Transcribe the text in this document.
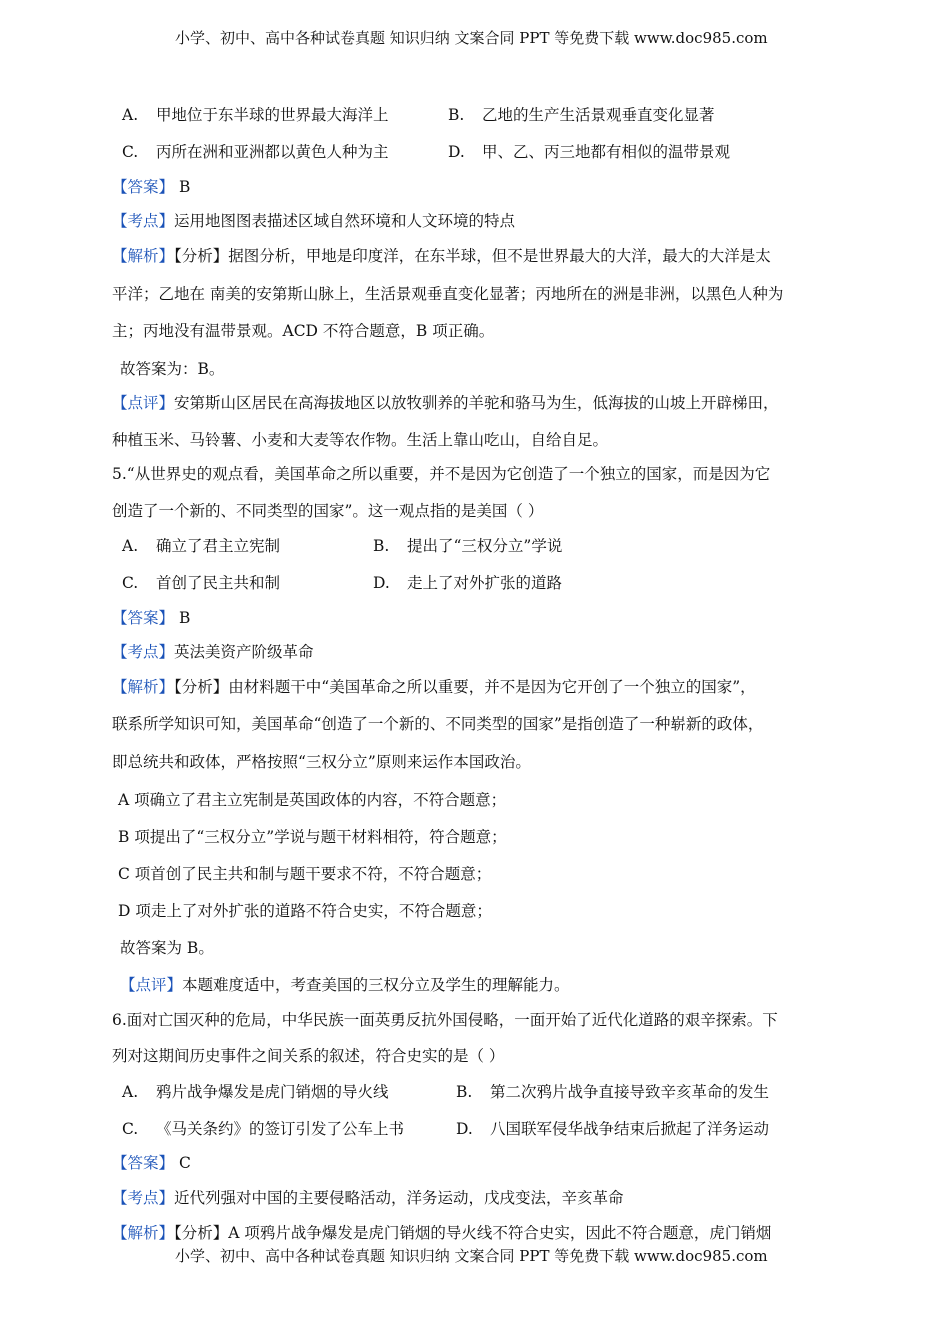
小学、初中、高中各种试卷真题 知识归纳 文案合同 PPT 等免费下载 www.doc985.com
A. 甲地位于东半球的世界最大海洋上	B. 乙地的生产生活景观垂直变化显著
C. 丙所在洲和亚洲都以黄色人种为主	D. 甲、乙、丙三地都有相似的温带景观
【答案】 B
【考点】运用地图图表描述区域自然环境和人文环境的特点
【解析】【分析】据图分析，甲地是印度洋，在东半球，但不是世界最大的大洋，最大的大洋是太
平洋；乙地在 南美的安第斯山脉上，生活景观垂直变化显著；丙地所在的洲是非洲，以黑色人种为
主；丙地没有温带景观。ACD 不符合题意，B 项正确。
故答案为：B。
【点评】安第斯山区居民在高海拔地区以放牧驯养的羊驼和骆马为生，低海拔的山坡上开辟梯田，
种植玉米、马铃薯、小麦和大麦等农作物。生活上靠山吃山，自给自足。
5.“从世界史的观点看，美国革命之所以重要，并不是因为它创造了一个独立的国家，而是因为它
创造了一个新的、不同类型的国家”。这一观点指的是美国（ ）
A. 确立了君主立宪制	B. 提出了“三权分立”学说
C. 首创了民主共和制	D. 走上了对外扩张的道路
【答案】 B
【考点】英法美资产阶级革命
【解析】【分析】由材料题干中“美国革命之所以重要，并不是因为它开创了一个独立的国家”，
联系所学知识可知，美国革命“创造了一个新的、不同类型的国家”是指创造了一种崭新的政体，
即总统共和政体，严格按照“三权分立”原则来运作本国政治。
A 项确立了君主立宪制是英国政体的内容，不符合题意；
B 项提出了“三权分立”学说与题干材料相符，符合题意；
C 项首创了民主共和制与题干要求不符，不符合题意；
D 项走上了对外扩张的道路不符合史实，不符合题意；
故答案为 B。
【点评】本题难度适中，考查美国的三权分立及学生的理解能力。
6.面对亡国灭种的危局，中华民族一面英勇反抗外国侵略，一面开始了近代化道路的艰辛探索。下
列对这期间历史事件之间关系的叙述，符合史实的是（ ）
A. 鸦片战争爆发是虎门销烟的导火线	B. 第二次鸦片战争直接导致辛亥革命的发生
C. 《马关条约》的签订引发了公车上书	D. 八国联军侵华战争结束后掀起了洋务运动
【答案】 C
【考点】近代列强对中国的主要侵略活动，洋务运动，戊戌变法，辛亥革命
【解析】【分析】A 项鸦片战争爆发是虎门销烟的导火线不符合史实，因此不符合题意，虎门销烟
小学、初中、高中各种试卷真题 知识归纳 文案合同 PPT 等免费下载 www.doc985.com
